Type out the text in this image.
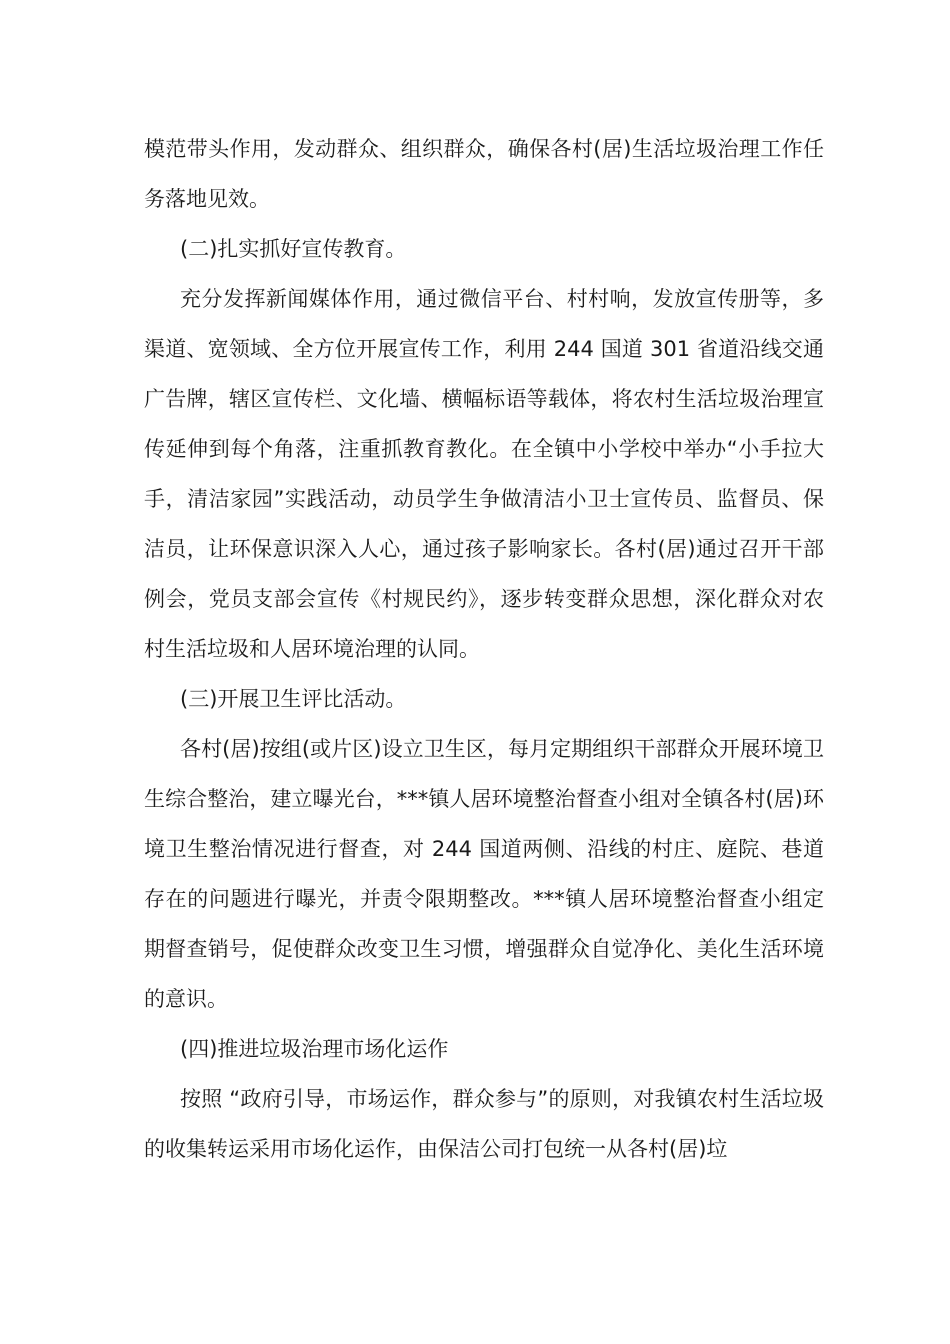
模范带头作用，发动群众、组织群众，确保各村(居)生活垃圾治理工作任务落地见效。

(二)扎实抓好宣传教育。

充分发挥新闻媒体作用，通过微信平台、村村响，发放宣传册等，多渠道、宽领域、全方位开展宣传工作，利用 244 国道 301 省道沿线交通广告牌，辖区宣传栏、文化墙、横幅标语等载体，将农村生活垃圾治理宣传延伸到每个角落，注重抓教育教化。在全镇中小学校中举办“小手拉大手，清洁家园”实践活动，动员学生争做清洁小卫士宣传员、监督员、保洁员，让环保意识深入人心，通过孩子影响家长。各村(居)通过召开干部例会，党员支部会宣传《村规民约》，逐步转变群众思想，深化群众对农村生活垃圾和人居环境治理的认同。

(三)开展卫生评比活动。

各村(居)按组(或片区)设立卫生区，每月定期组织干部群众开展环境卫生综合整治，建立曝光台，***镇人居环境整治督查小组对全镇各村(居)环境卫生整治情况进行督查，对 244 国道两侧、沿线的村庄、庭院、巷道存在的问题进行曝光，并责令限期整改。***镇人居环境整治督查小组定期督查销号，促使群众改变卫生习惯，增强群众自觉净化、美化生活环境的意识。

(四)推进垃圾治理市场化运作

按照 “政府引导，市场运作，群众参与”的原则，对我镇农村生活垃圾的收集转运采用市场化运作，由保洁公司打包统一从各村(居)垃
